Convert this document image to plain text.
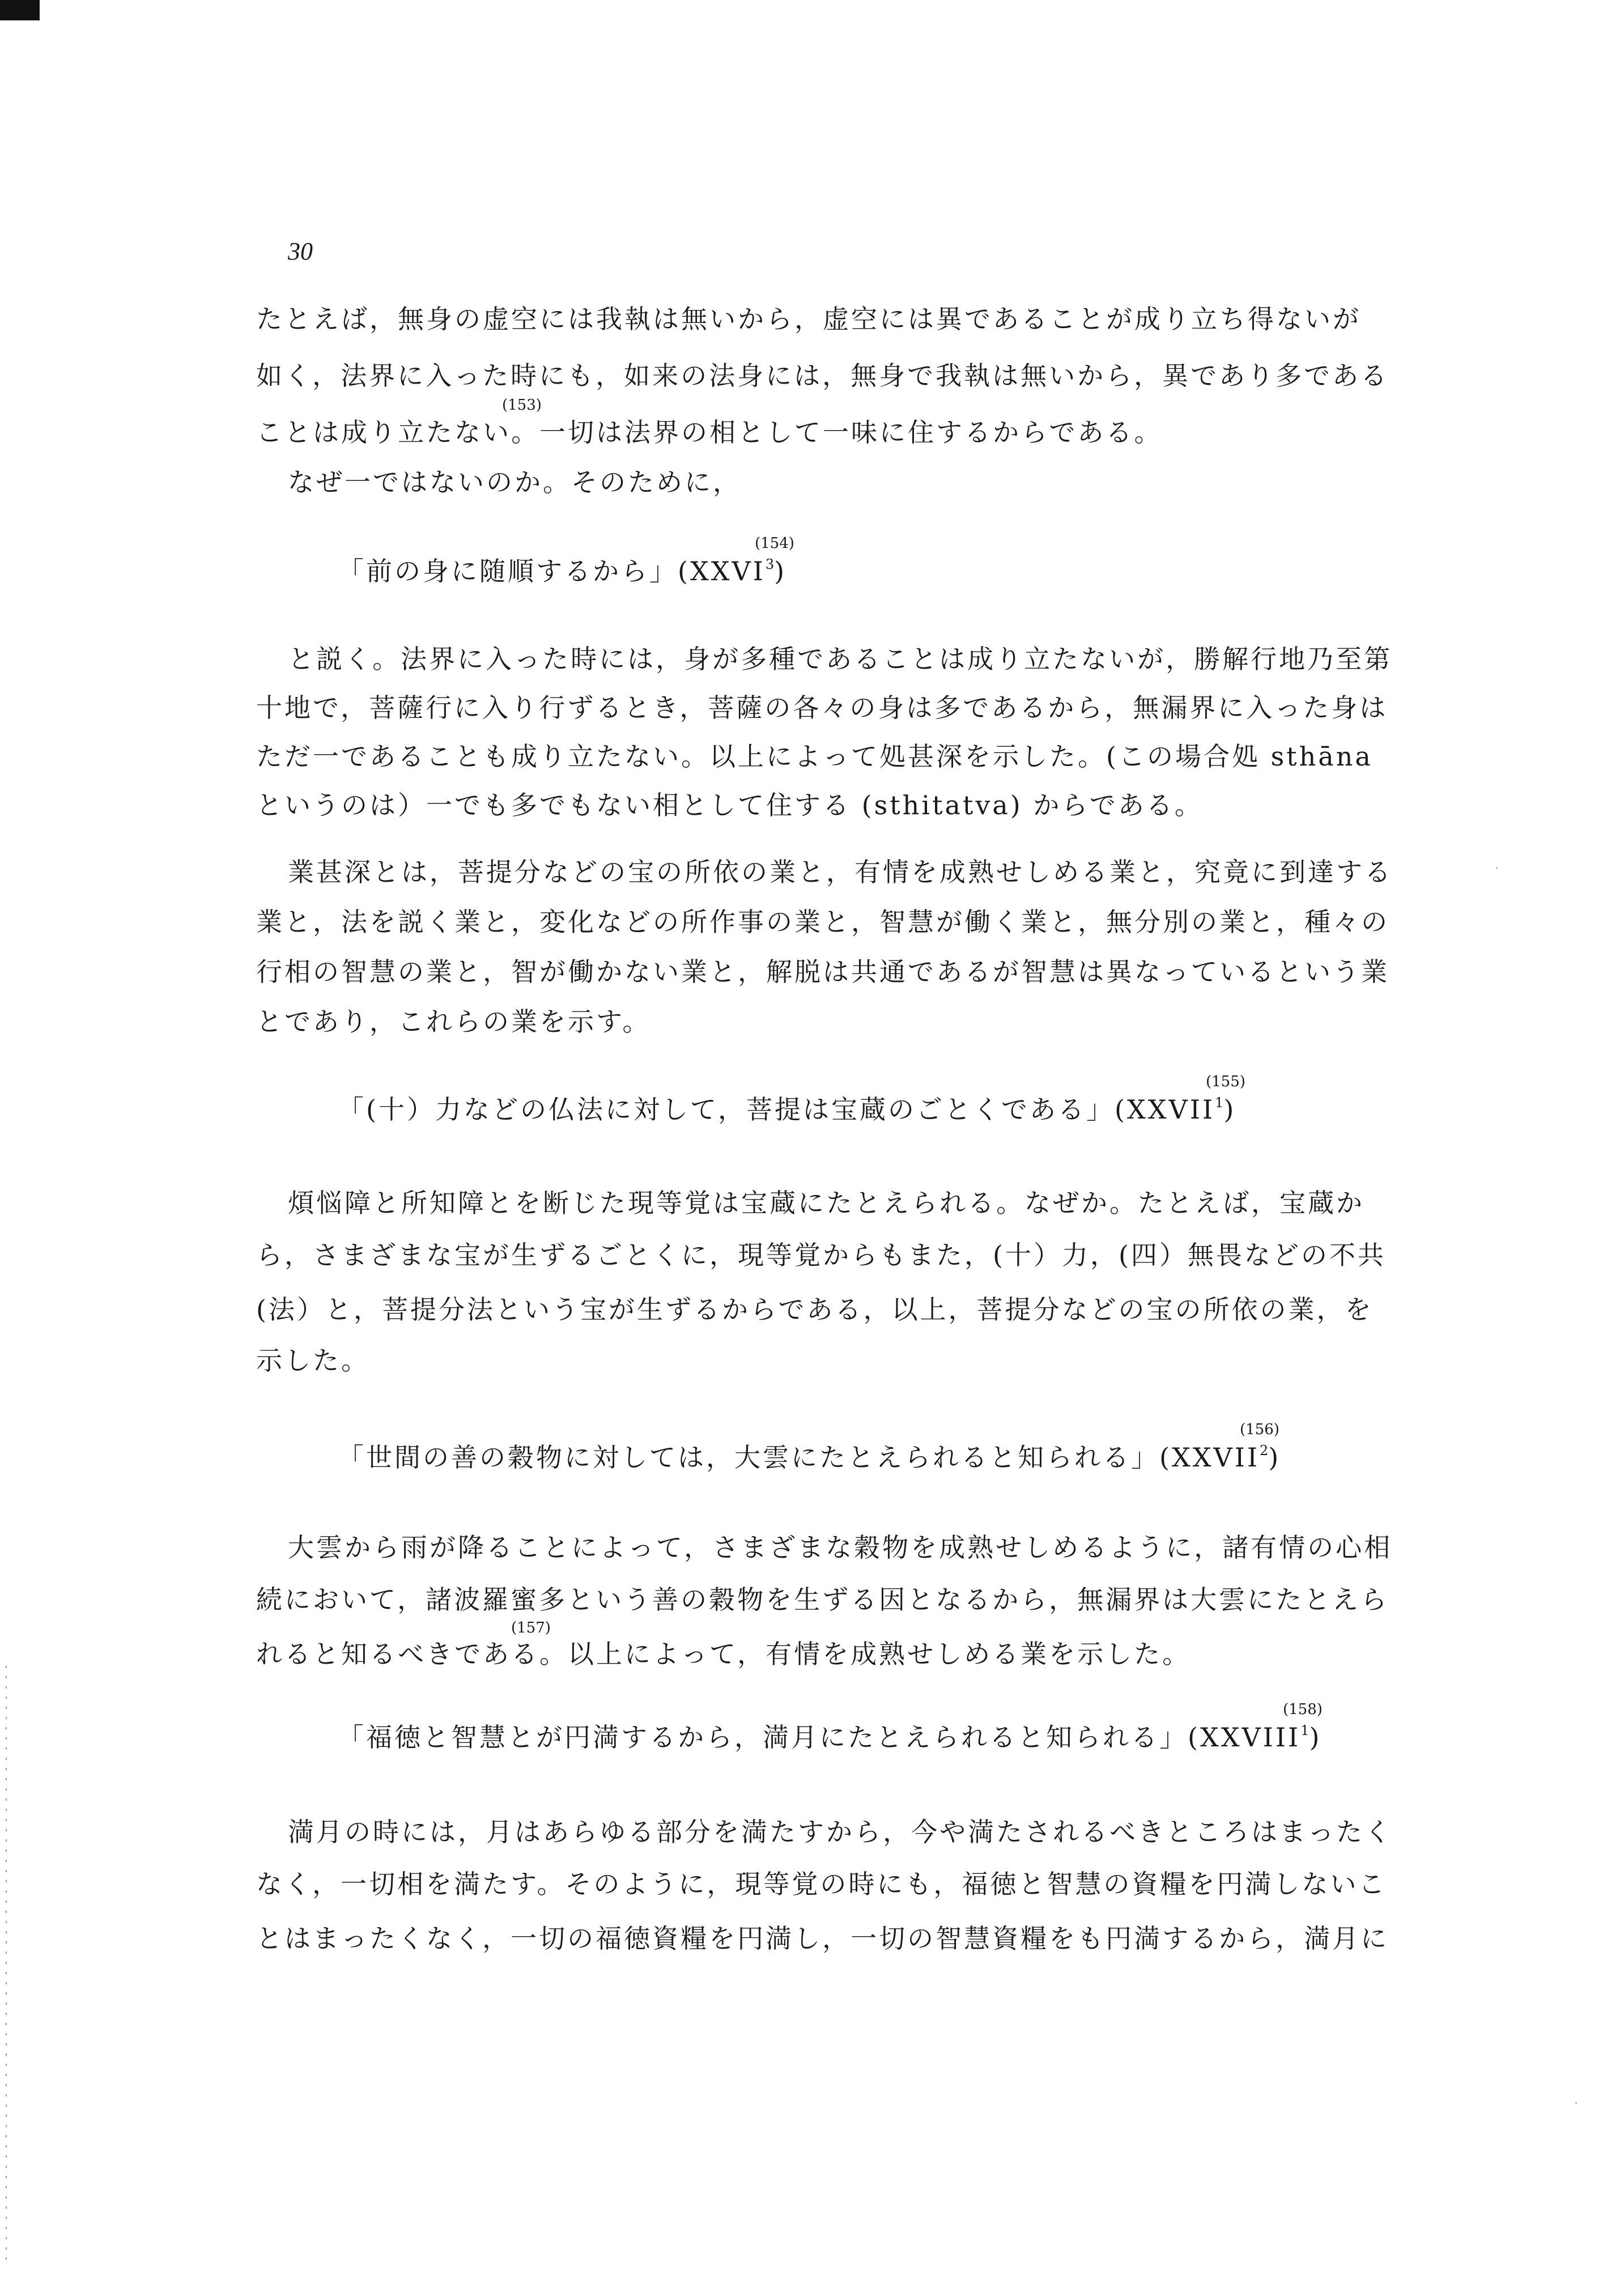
30
たとえば，無身の虚空には我執は無いから，虚空には異であることが成り立ち得ないが
如く，法界に入った時にも，如来の法身には，無身で我執は無いから，異であり多である
ことは成り立たない。一切は法界の相として一味に住するからである。
(153)
なぜ一ではないのか。そのために，
「前の身に随順するから」(XXVI$^3$)
(154)
と説く。法界に入った時には，身が多種であることは成り立たないが，勝解行地乃至第
十地で，菩薩行に入り行ずるとき，菩薩の各々の身は多であるから，無漏界に入った身は
ただ一であることも成り立たない。以上によって処甚深を示した。(この場合処 sthāna
というのは）一でも多でもない相として住する (sthitatva) からである。
業甚深とは，菩提分などの宝の所依の業と，有情を成熟せしめる業と，究竟に到達する
業と，法を説く業と，変化などの所作事の業と，智慧が働く業と，無分別の業と，種々の
行相の智慧の業と，智が働かない業と，解脱は共通であるが智慧は異なっているという業
とであり，これらの業を示す。
「(十）力などの仏法に対して，菩提は宝蔵のごとくである」(XXVII$^1$)
(155)
煩悩障と所知障とを断じた現等覚は宝蔵にたとえられる。なぜか。たとえば，宝蔵か
ら，さまざまな宝が生ずるごとくに，現等覚からもまた，(十）力，(四）無畏などの不共
(法）と，菩提分法という宝が生ずるからである，以上，菩提分などの宝の所依の業，を
示した。
「世間の善の穀物に対しては，大雲にたとえられると知られる」(XXVII$^2$)
(156)
大雲から雨が降ることによって，さまざまな穀物を成熟せしめるように，諸有情の心相
続において，諸波羅蜜多という善の穀物を生ずる因となるから，無漏界は大雲にたとえら
れると知るべきである。以上によって，有情を成熟せしめる業を示した。
(157)
「福徳と智慧とが円満するから，満月にたとえられると知られる」(XXVIII$^1$)
(158)
満月の時には，月はあらゆる部分を満たすから，今や満たされるべきところはまったく
なく，一切相を満たす。そのように，現等覚の時にも，福徳と智慧の資糧を円満しないこ
とはまったくなく，一切の福徳資糧を円満し，一切の智慧資糧をも円満するから，満月に
